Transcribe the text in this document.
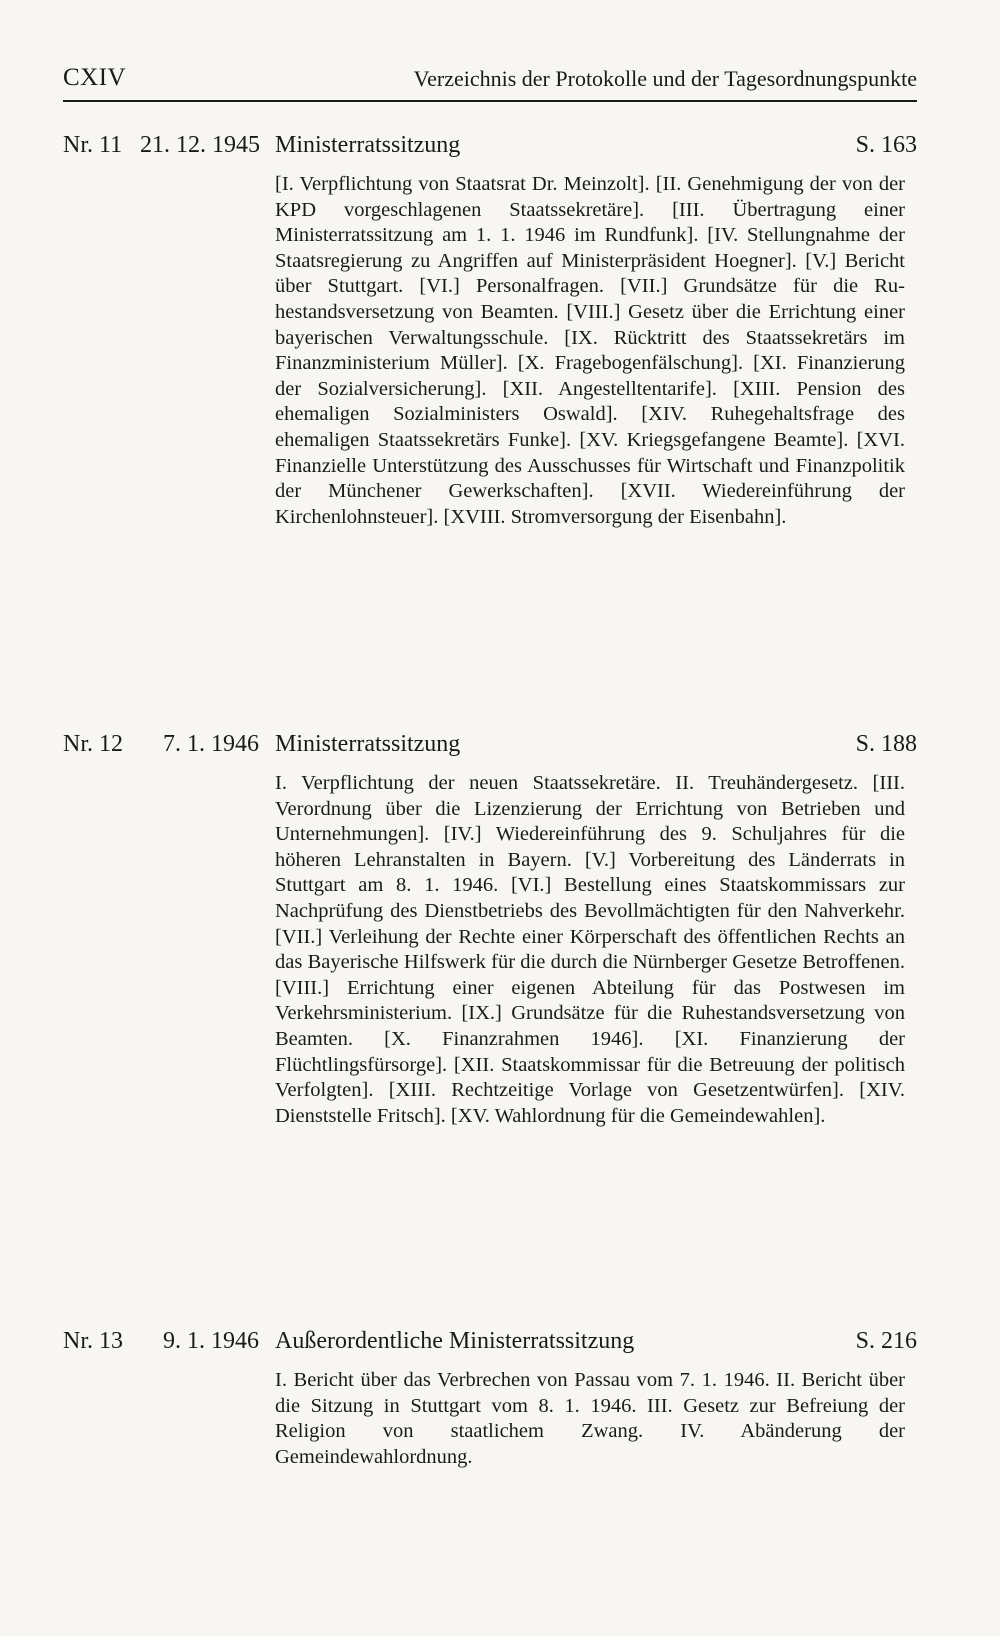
CXIV	Verzeichnis der Protokolle und der Tagesordnungspunkte
Nr. 11 21. 12. 1945 Ministerratssitzung	S. 163
[I. Verpflichtung von Staatsrat Dr. Meinzolt]. [II. Genehmigung der von der KPD vorgeschlagenen Staatssekretäre]. [III. Übertragung einer Ministerratssitzung am 1. 1. 1946 im Rundfunk]. [IV. Stellungnahme der Staatsregierung zu Angriffen auf Ministerpräsident Hoegner]. [V.] Bericht über Stuttgart. [VI.] Personalfragen. [VII.] Grundsätze für die Ruhestandsversetzung von Beamten. [VIII.] Gesetz über die Errichtung einer bayerischen Verwaltungsschule. [IX. Rücktritt des Staatssekretärs im Finanzministerium Müller]. [X. Fragebogenfälschung]. [XI. Finanzierung der Sozialversicherung]. [XII. Angestelltentarife]. [XIII. Pension des ehemaligen Sozialministers Oswald]. [XIV. Ruhegehaltsfrage des ehemaligen Staatssekretärs Funke]. [XV. Kriegsgefangene Beamte]. [XVI. Finanzielle Unterstützung des Ausschusses für Wirtschaft und Finanzpolitik der Münchener Gewerkschaften]. [XVII. Wiedereinführung der Kirchenlohnsteuer]. [XVIII. Stromversorgung der Eisenbahn].
Nr. 12 7. 1. 1946 Ministerratssitzung	S. 188
I. Verpflichtung der neuen Staatssekretäre. II. Treuhändergesetz. [III. Verordnung über die Lizenzierung der Errichtung von Betrieben und Unternehmungen]. [IV.] Wiedereinführung des 9. Schuljahres für die höheren Lehranstalten in Bayern. [V.] Vorbereitung des Länderrats in Stuttgart am 8. 1. 1946. [VI.] Bestellung eines Staatskommissars zur Nachprüfung des Dienstbetriebs des Bevollmächtigten für den Nahverkehr. [VII.] Verleihung der Rechte einer Körperschaft des öffentlichen Rechts an das Bayerische Hilfswerk für die durch die Nürnberger Gesetze Betroffenen. [VIII.] Errichtung einer eigenen Abteilung für das Postwesen im Verkehrsministerium. [IX.] Grundsätze für die Ruhestandsversetzung von Beamten. [X. Finanzrahmen 1946]. [XI. Finanzierung der Flüchtlingsfürsorge]. [XII. Staatskommissar für die Betreuung der politisch Verfolgten]. [XIII. Rechtzeitige Vorlage von Gesetzentwürfen]. [XIV. Dienststelle Fritsch]. [XV. Wahlordnung für die Gemeindewahlen].
Nr. 13 9. 1. 1946 Außerordentliche Ministerratssitzung	S. 216
I. Bericht über das Verbrechen von Passau vom 7. 1. 1946. II. Bericht über die Sitzung in Stuttgart vom 8. 1. 1946. III. Gesetz zur Befreiung der Religion von staatlichem Zwang. IV. Abänderung der Gemeindewahlordnung.
